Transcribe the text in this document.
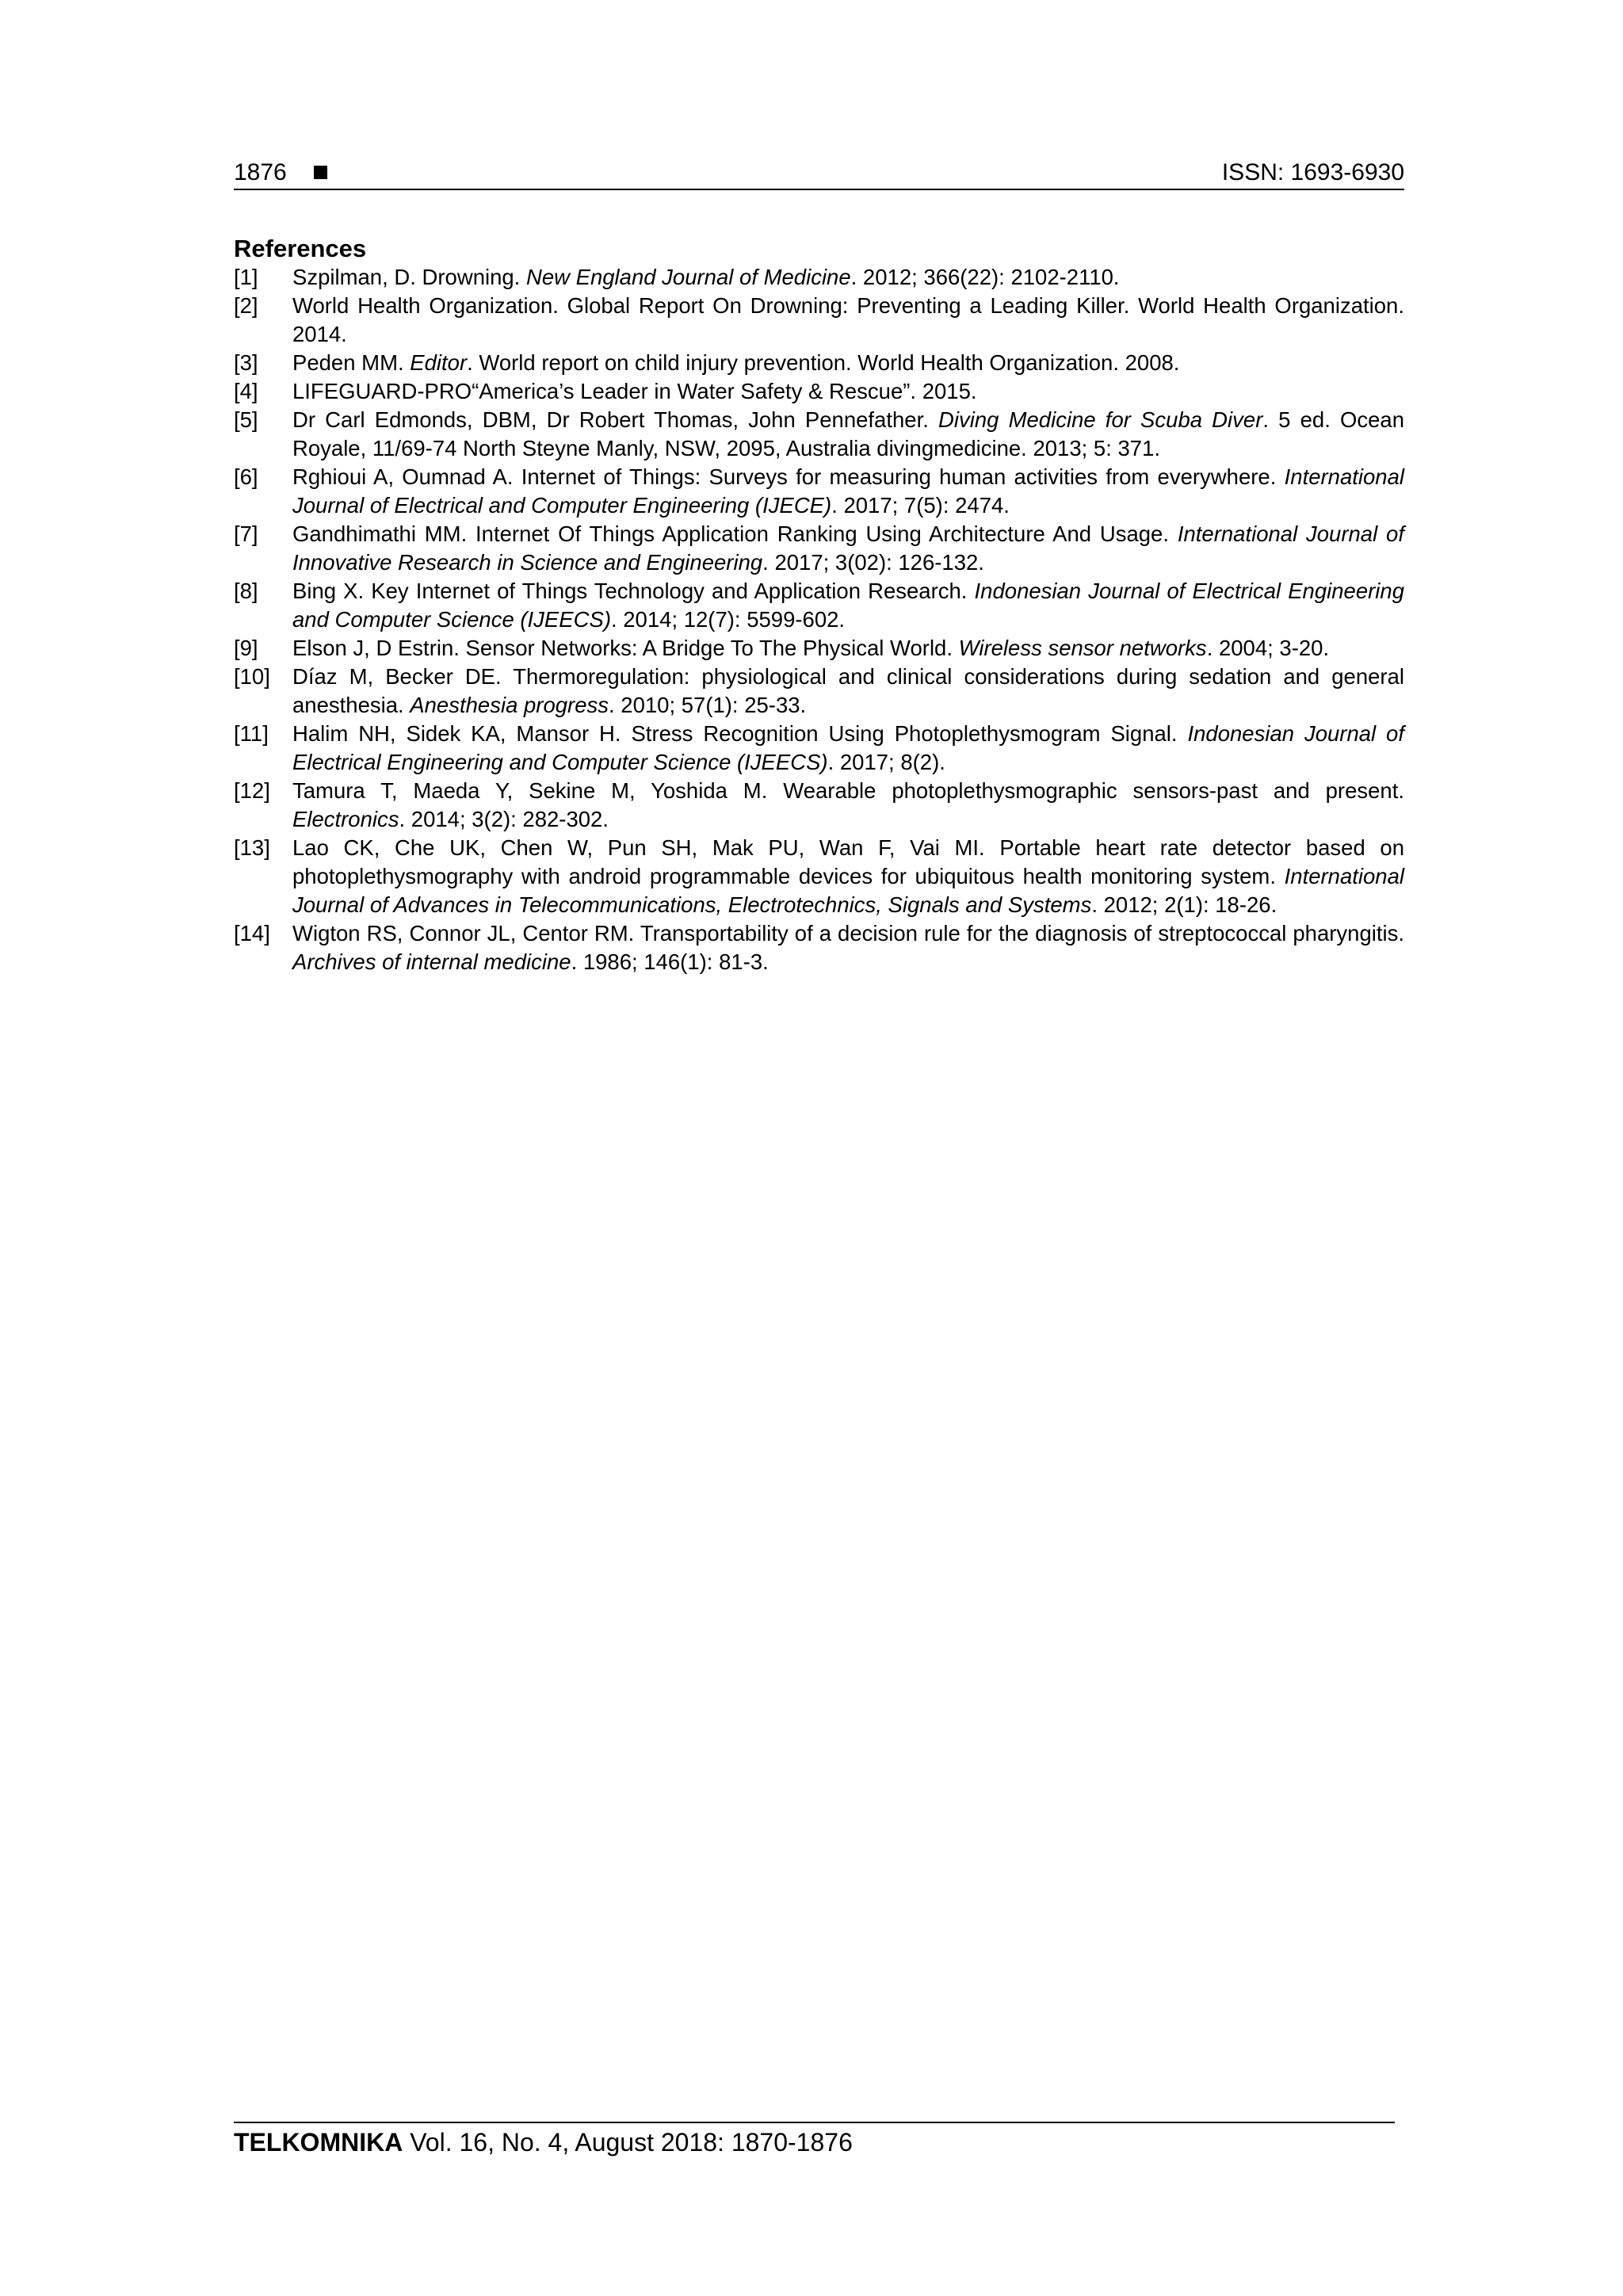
1876	ISSN: 1693-6930
References
[1] Szpilman, D. Drowning. New England Journal of Medicine. 2012; 366(22): 2102-2110.
[2] World Health Organization. Global Report On Drowning: Preventing a Leading Killer. World Health Organization. 2014.
[3] Peden MM. Editor. World report on child injury prevention. World Health Organization. 2008.
[4] LIFEGUARD-PRO“America’s Leader in Water Safety & Rescue”. 2015.
[5] Dr Carl Edmonds, DBM, Dr Robert Thomas, John Pennefather. Diving Medicine for Scuba Diver. 5 ed. Ocean Royale, 11/69-74 North Steyne Manly, NSW, 2095, Australia divingmedicine. 2013; 5: 371.
[6] Rghioui A, Oumnad A. Internet of Things: Surveys for measuring human activities from everywhere. International Journal of Electrical and Computer Engineering (IJECE). 2017; 7(5): 2474.
[7] Gandhimathi MM. Internet Of Things Application Ranking Using Architecture And Usage. International Journal of Innovative Research in Science and Engineering. 2017; 3(02): 126-132.
[8] Bing X. Key Internet of Things Technology and Application Research. Indonesian Journal of Electrical Engineering and Computer Science (IJEECS). 2014; 12(7): 5599-602.
[9] Elson J, D Estrin. Sensor Networks: A Bridge To The Physical World. Wireless sensor networks. 2004; 3-20.
[10] Díaz M, Becker DE. Thermoregulation: physiological and clinical considerations during sedation and general anesthesia. Anesthesia progress. 2010; 57(1): 25-33.
[11] Halim NH, Sidek KA, Mansor H. Stress Recognition Using Photoplethysmogram Signal. Indonesian Journal of Electrical Engineering and Computer Science (IJEECS). 2017; 8(2).
[12] Tamura T, Maeda Y, Sekine M, Yoshida M. Wearable photoplethysmographic sensors-past and present. Electronics. 2014; 3(2): 282-302.
[13] Lao CK, Che UK, Chen W, Pun SH, Mak PU, Wan F, Vai MI. Portable heart rate detector based on photoplethysmography with android programmable devices for ubiquitous health monitoring system. International Journal of Advances in Telecommunications, Electrotechnics, Signals and Systems. 2012; 2(1): 18-26.
[14] Wigton RS, Connor JL, Centor RM. Transportability of a decision rule for the diagnosis of streptococcal pharyngitis. Archives of internal medicine. 1986; 146(1): 81-3.
TELKOMNIKA Vol. 16, No. 4, August 2018: 1870-1876
